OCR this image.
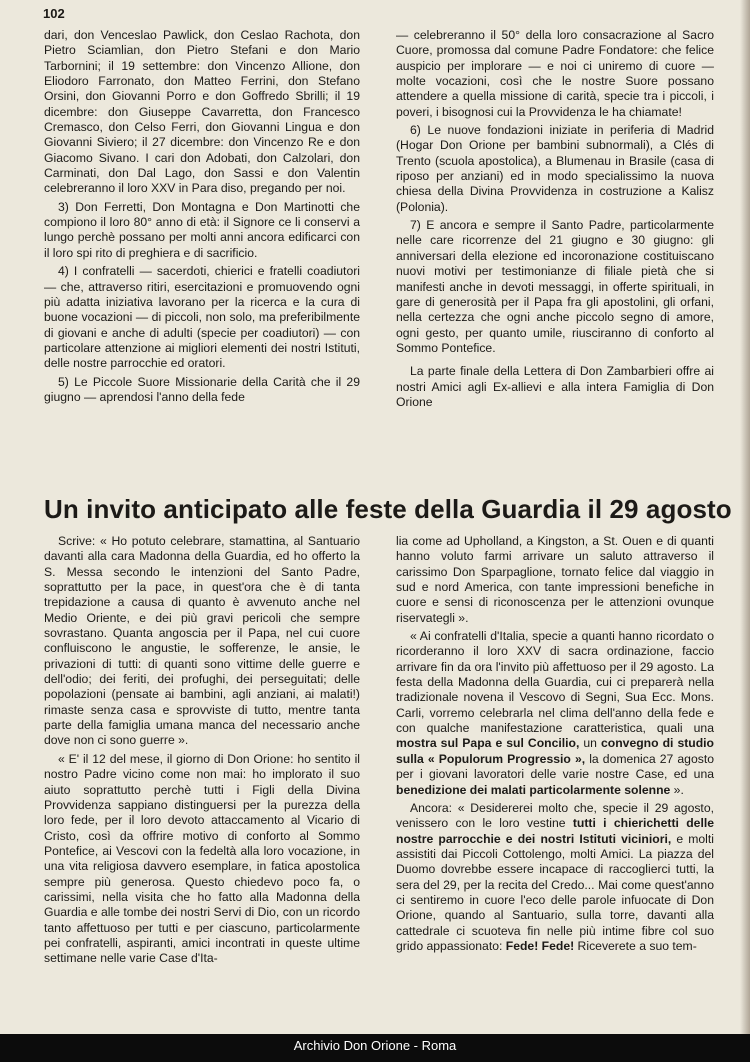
102

dari, don Venceslao Pawlick, don Ceslao Rachota, don Pietro Sciamlian, don Pietro Stefani e don Mario Tarbornini; il 19 settembre: don Vincenzo Allione, don Eliodoro Farronato, don Matteo Ferrini, don Stefano Orsini, don Giovanni Porro e don Goffredo Sbrilli; il 19 dicembre: don Giuseppe Cavarretta, don Francesco Cremasco, don Celso Ferri, don Giovanni Lingua e don Giovanni Siviero; il 27 dicembre: don Vincenzo Re e don Giacomo Sivano. I cari don Adobati, don Calzolari, don Carminati, don Dal Lago, don Sassi e don Valentin celebreranno il loro XXV in Para diso, pregando per noi.

3) Don Ferretti, Don Montagna e Don Martinotti che compiono il loro 80° anno di età: il Signore ce li conservi a lungo perchè possano per molti anni ancora edificarci con il loro spi rito di preghiera e di sacrificio.

4) I confratelli — sacerdoti, chierici e fratelli coadiutori — che, attraverso ritiri, esercitazioni e promuovendo ogni più adatta iniziativa lavorano per la ricerca e la cura di buone vocazioni — di piccoli, non solo, ma preferibilmente di giovani e anche di adulti (specie per coadiutori) — con particolare attenzione ai migliori elementi dei nostri Istituti, delle nostre parrocchie ed oratori.

5) Le Piccole Suore Missionarie della Carità che il 29 giugno — aprendosi l'anno della fede

— celebreranno il 50° della loro consacrazione al Sacro Cuore, promossa dal comune Padre Fondatore: che felice auspicio per implorare — e noi ci uniremo di cuore — molte vocazioni, così che le nostre Suore possano attendere a quella missione di carità, specie tra i piccoli, i poveri, i bisognosi cui la Provvidenza le ha chiamate!

6) Le nuove fondazioni iniziate in periferia di Madrid (Hogar Don Orione per bambini subnormali), a Clés di Trento (scuola apostolica), a Blumenau in Brasile (casa di riposo per anziani) ed in modo specialissimo la nuova chiesa della Divina Provvidenza in costruzione a Kalisz (Polonia).

7) E ancora e sempre il Santo Padre, particolarmente nelle care ricorrenze del 21 giugno e 30 giugno: gli anniversari della elezione ed incoronazione costituiscano nuovi motivi per testimonianze di filiale pietà che si manifesti anche in devoti messaggi, in offerte spirituali, in gare di generosità per il Papa fra gli apostolini, gli orfani, nella certezza che ogni anche piccolo segno di amore, ogni gesto, per quanto umile, riusciranno di conforto al Sommo Pontefice.

La parte finale della Lettera di Don Zambarbieri offre ai nostri Amici agli Ex-allievi e alla intera Famiglia di Don Orione

Un invito anticipato alle feste della Guardia il 29 agosto

Scrive: « Ho potuto celebrare, stamattina, al Santuario davanti alla cara Madonna della Guardia, ed ho offerto la S. Messa secondo le intenzioni del Santo Padre, soprattutto per la pace, in quest'ora che è di tanta trepidazione a causa di quanto è avvenuto anche nel Medio Oriente, e dei più gravi pericoli che sempre sovrastano. Quanta angoscia per il Papa, nel cui cuore confluiscono le angustie, le sofferenze, le ansie, le privazioni di tutti: di quanti sono vittime delle guerre e dell'odio; dei feriti, dei profughi, dei perseguitati; delle popolazioni (pensate ai bambini, agli anziani, ai malati!) rimaste senza casa e sprovviste di tutto, mentre tanta parte della famiglia umana manca del necessario anche dove non ci sono guerre ».

« E' il 12 del mese, il giorno di Don Orione: ho sentito il nostro Padre vicino come non mai: ho implorato il suo aiuto soprattutto perchè tutti i Figli della Divina Provvidenza sappiano distinguersi per la purezza della loro fede, per il loro devoto attaccamento al Vicario di Cristo, così da offrire motivo di conforto al Sommo Pontefice, ai Vescovi con la fedeltà alla loro vocazione, in una vita religiosa davvero esemplare, in fatica apostolica sempre più generosa. Questo chiedevo poco fa, o carissimi, nella visita che ho fatto alla Madonna della Guardia e alle tombe dei nostri Servi di Dio, con un ricordo tanto affettuoso per tutti e per ciascuno, particolarmente pei confratelli, aspiranti, amici incontrati in queste ultime settimane nelle varie Case d'Ita-

lia come ad Upholland, a Kingston, a St. Ouen e di quanti hanno voluto farmi arrivare un saluto attraverso il carissimo Don Sparpaglione, tornato felice dal viaggio in sud e nord America, con tante impressioni benefiche in cuore e sensi di riconoscenza per le attenzioni ovunque riservategli ».

« Ai confratelli d'Italia, specie a quanti hanno ricordato o ricorderanno il loro XXV di sacra ordinazione, faccio arrivare fin da ora l'invito più affettuoso per il 29 agosto. La festa della Madonna della Guardia, cui ci preparerà nella tradizionale novena il Vescovo di Segni, Sua Ecc. Mons. Carli, vorremo celebrarla nel clima dell'anno della fede e con qualche manifestazione caratteristica, quali una mostra sul Papa e sul Concilio, un convegno di studio sulla « Populorum Progressio », la domenica 27 agosto per i giovani lavoratori delle varie nostre Case, ed una benedizione dei malati particolarmente solenne ».

Ancora: « Desidererei molto che, specie il 29 agosto, venissero con le loro vestine tutti i chierichetti delle nostre parrocchie e dei nostri Istituti viciniori, e molti assistiti dai Piccoli Cottolengo, molti Amici. La piazza del Duomo dovrebbe essere incapace di raccoglierci tutti, la sera del 29, per la recita del Credo... Mai come quest'anno ci sentiremo in cuore l'eco delle parole infuocate di Don Orione, quando al Santuario, sulla torre, davanti alla cattedrale ci scuoteva fin nelle più intime fibre col suo grido appassionato: Fede! Fede! Riceverete a suo tem-

Archivio Don Orione - Roma
